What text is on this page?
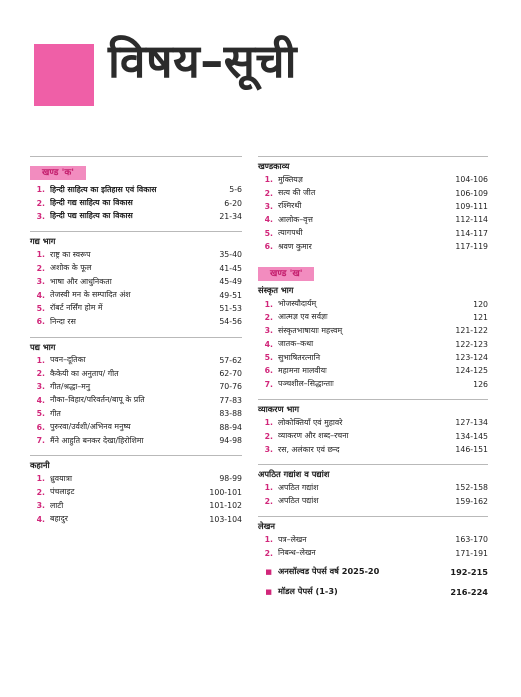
विषय–सूची
खण्ड 'क'
1. हिन्दी साहित्य का इतिहास एवं विकास	5-6
2. हिन्दी गद्य साहित्य का विकास	6-20
3. हिन्दी पद्य साहित्य का विकास	21-34
गद्य भाग
1. राष्ट्र का स्वरूप	35-40
2. अशोक के फूल	41-45
3. भाषा और आधुनिकता	45-49
4. तेजस्वी मन के सम्पादित अंश	49-51
5. रॉबर्ट नर्सिंग होम में	51-53
6. निन्दा रस	54-56
पद्य भाग
1. पवन–दूतिका	57-62
2. कैकेयी का अनुताप/ गीत	62-70
3. गीत/श्रद्धा–मनु	70-76
4. नौका–विहार/परिवर्तन/बापू के प्रति	77-83
5. गीत	83-88
6. पुरुरवा/उर्वशी/अभिनव मनुष्य	88-94
7. मैंने आहुति बनकर देखा/हिरोशिमा	94-98
कहानी
1. ध्रुवयात्रा	98-99
2. पंचलाइट	100-101
3. लाटी	101-102
4. बहादुर	103-104
खण्डकाव्य
1. मुक्तियज्ञ	104-106
2. सत्य की जीत	106-109
3. रश्मिरथी	109-111
4. आलोक–वृत्त	112-114
5. त्यागपथी	114-117
6. श्रवण कुमार	117-119
खण्ड 'ख'
संस्कृत भाग
1. भोजस्यौदार्यम्	120
2. आत्मज्ञ एव सर्वज्ञः	121
3. संस्कृतभाषायाः महत्त्वम्	121-122
4. जातक–कथा	122-123
5. सुभाषितरत्नानि	123-124
6. महामना मालवीयः	124-125
7. पञ्चशील–सिद्धान्ताः	126
व्याकरण भाग
1. लोकोक्तियाँ एवं मुहावरे	127-134
2. व्याकरण और शब्द–रचना	134-145
3. रस, अलंकार एवं छन्द	146-151
अपठित गद्यांश व पद्यांश
1. अपठित गद्यांश	152-158
2. अपठित पद्यांश	159-162
लेखन
1. पत्र–लेखन	163-170
2. निबन्ध–लेखन	171-191
■ अनसॉल्वड पेपर्स वर्ष 2025-20	192-215
■ मॉडल पेपर्स (1-3)	216-224
